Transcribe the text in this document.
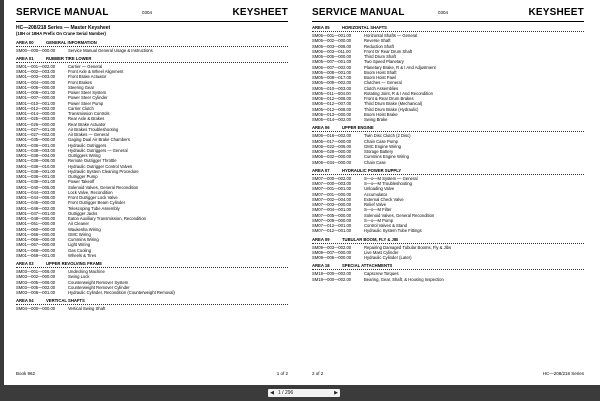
SERVICE MANUAL	0304	KEYSHEET
HC—208/218 Series — Master Keysheet
(18H or 18HA Prefix On Crane Serial Number)
AREA 00	GENERAL INFORMATION
SM00—000—000.00	Service Manual General Usage & Instructions
AREA 01	RUBBER TIRE LOWER
SM01—001—002.00	Carrier — General
SM01—002—003.00	Front Axle & Wheel Alignment
SM01—003—003.00	Front Brake Actuator
SM01—004—000.00	Front Brakes
SM01—005—000.00	Steering Gear
SM01—006—001.00	Power Steer System
SM01—007—000.00	Power Steer Cylinder
SM01—010—001.00	Power Steer Pump
SM01—012—002.00	Carrier Clutch
SM01—014—000.00	Transmission Controls
SM01—025—003.00	Rear Axle & Brakes
SM01—026—000.00	Rear Brake Actuator
SM01—027—001.00	Air Brakes Troubleshooting
SM01—027—002.00	Air Brakes — General
SM01—035—000.00	Gaging Dual Air Brake Chambers
SM01—036—001.00	Hydraulic Outriggers
SM01—038—003.00	Hydraulic Outriggers — General
SM01—038—004.00	Outriggers Wiring
SM01—038—006.00	Remote Outrigger Throttle
SM01—038—010.00	Hydraulic Outrigger Control Valves
SM01—038—001.00	Hydraulic System Cleaning Procedure
SM01—038—001.00	Outrigger Pump
SM01—039—001.00	Power Takeoff
SM01—040—005.00	Solenoid Valves, General Recondition
SM01—044—003.00	Lock Valve, Recondition
SM01—044—006.00	Front Outrigger Lock Valve
SM01—045—000.00	Front Outrigger Beam Cylinder
SM01—046—002.00	Telescoping Tube Assembly
SM01—047—001.00	Outrigger Jacks
SM01—048—000.00	Eaton Auxiliary Transmission, Recondition
SM01—051—000.00	Air Cleaner
SM01—060—000.00	Waukesha Wiring
SM01—066—000.00	GMC Wiring
SM01—066—000.00	Cummins Wiring
SM01—067—000.00	Light Wiring
SM01—068—000.00	Gas Cooling
SM01—069—001.00	Wheels & Tires
AREA 03	UPPER REVOLVING FRAME
SM03—001—006.00	Undecking Machine
SM03—002—000.00	Swing Lock
SM03—005—006.00	Counterweight Remover System
SM03—005—002.00	Counterweight Remover Cylinder
SM03—006—001.00	Hydraulic Cylinder, Recondition (Counterweight Removal)
AREA 04	VERTICAL SHAFTS
SM04—000—000.00	Vertical Swing Shaft
Book 962	1 of 2
SERVICE MANUAL	0304	KEYSHEET
AREA 05	HORIZONTAL SHAFTS
SM05—001—001.00	Horizontal Shafts — General
SM05—002—000.00	Reverse Shaft
SM05—003—008.00	Reduction Shaft
SM05—003—011.00	Front Or Rear Drum Shaft
SM05—005—000.00	Third Drum Shaft
SM05—007—001.00	Two Speed Planetary
SM05—007—002.00	Planetary Brake, R & I And Adjustment
SM05—008—001.00	Boom Hoist Shaft
SM05—008—017.00	Boom Hoist Pawl
SM05—009—002.00	Clutches — General
SM05—010—003.00	Clutch Assemblies
SM05—011—004.00	Rotating Joint, R & I And Recondition
SM05—012—008.00	Front & Rear Drum Brakes
SM05—012—007.00	Third Drum Brake (Mechanical)
SM05—012—008.00	Third Drum Brake (Hydraulic)
SM05—013—000.00	Boom Hoist Brake
SM05—014—002.00	Swing Brake
AREA 06	UPPER ENGINE
SM06—016—002.00	Twin Disc Clutch (2 Disc)
SM06—017—000.00	Chain Case Pump
SM06—022—006.00	GMC Engine Wiring
SM06—028—000.00	Storage Battery
SM06—032—000.00	Cummins Engine Wiring
SM06—034—000.00	Chain Case
AREA 07	HYDRAULIC POWER SUPPLY
SM07—000—002.00	S—o—M System — General
SM07—000—003.00	S—o—M Troubleshooting
SM07—001—001.00	Unloading Valve
SM07—001—000.00	Accumulator
SM07—002—004.00	External Check Valve
SM07—003—000.00	Relief Valve
SM07—004—001.00	S—o—M Filter
SM07—005—000.00	Solenoid Valves, General Recondition
SM07—009—000.00	S—o—M Pump
SM07—012—001.00	Control Valves & Stand
SM07—012—001.00	Hydraulic System Tube Fittings
AREA 09	TUBULAR BOOM, FLY & JIB
SM09—003—002.00	Repairing Damaged Tubular Booms, Fly & Jibs
SM09—007—000.00	Live Mast Cylinder
SM09—006—000.00	Hydraulic Cylinder (Later)
AREA 18	SPECIAL ATTACHMENTS
SM18—000—002.00	Capscrew Torques
SM18—000—002.00	Bearing, Gear, Shaft, & Housing Inspection
2 of 2	HC—208/218 Series
◀ 1 / 296	▶
